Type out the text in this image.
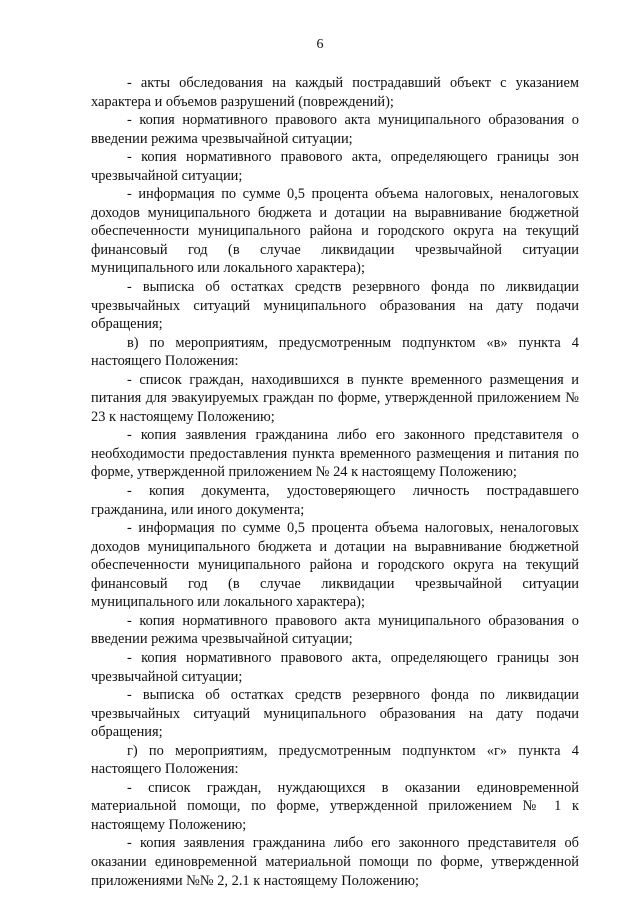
6

- акты обследования на каждый пострадавший объект с указанием характера и объемов разрушений (повреждений);

- копия нормативного правового акта муниципального образования о введении режима чрезвычайной ситуации;

- копия нормативного правового акта, определяющего границы зон чрезвычайной ситуации;

- информация по сумме 0,5 процента объема налоговых, неналоговых доходов муниципального бюджета и дотации на выравнивание бюджетной обеспеченности муниципального района и городского округа на текущий финансовый год (в случае ликвидации чрезвычайной ситуации муниципального или локального характера);

- выписка об остатках средств резервного фонда по ликвидации чрезвычайных ситуаций муниципального образования на дату подачи обращения;

в) по мероприятиям, предусмотренным подпунктом «в» пункта 4 настоящего Положения:

- список граждан, находившихся в пункте временного размещения и питания для эвакуируемых граждан по форме, утвержденной приложением № 23 к настоящему Положению;

- копия заявления гражданина либо его законного представителя о необходимости предоставления пункта временного размещения и питания по форме, утвержденной приложением № 24 к настоящему Положению;

- копия документа, удостоверяющего личность пострадавшего гражданина, или иного документа;

- информация по сумме 0,5 процента объема налоговых, неналоговых доходов муниципального бюджета и дотации на выравнивание бюджетной обеспеченности муниципального района и городского округа на текущий финансовый год (в случае ликвидации чрезвычайной ситуации муниципального или локального характера);

- копия нормативного правового акта муниципального образования о введении режима чрезвычайной ситуации;

- копия нормативного правового акта, определяющего границы зон чрезвычайной ситуации;

- выписка об остатках средств резервного фонда по ликвидации чрезвычайных ситуаций муниципального образования на дату подачи обращения;

г) по мероприятиям, предусмотренным подпунктом «г» пункта 4 настоящего Положения:

- список граждан, нуждающихся в оказании единовременной материальной помощи, по форме, утвержденной приложением № 1 к настоящему Положению;

- копия заявления гражданина либо его законного представителя об оказании единовременной материальной помощи по форме, утвержденной приложениями №№ 2, 2.1 к настоящему Положению;
